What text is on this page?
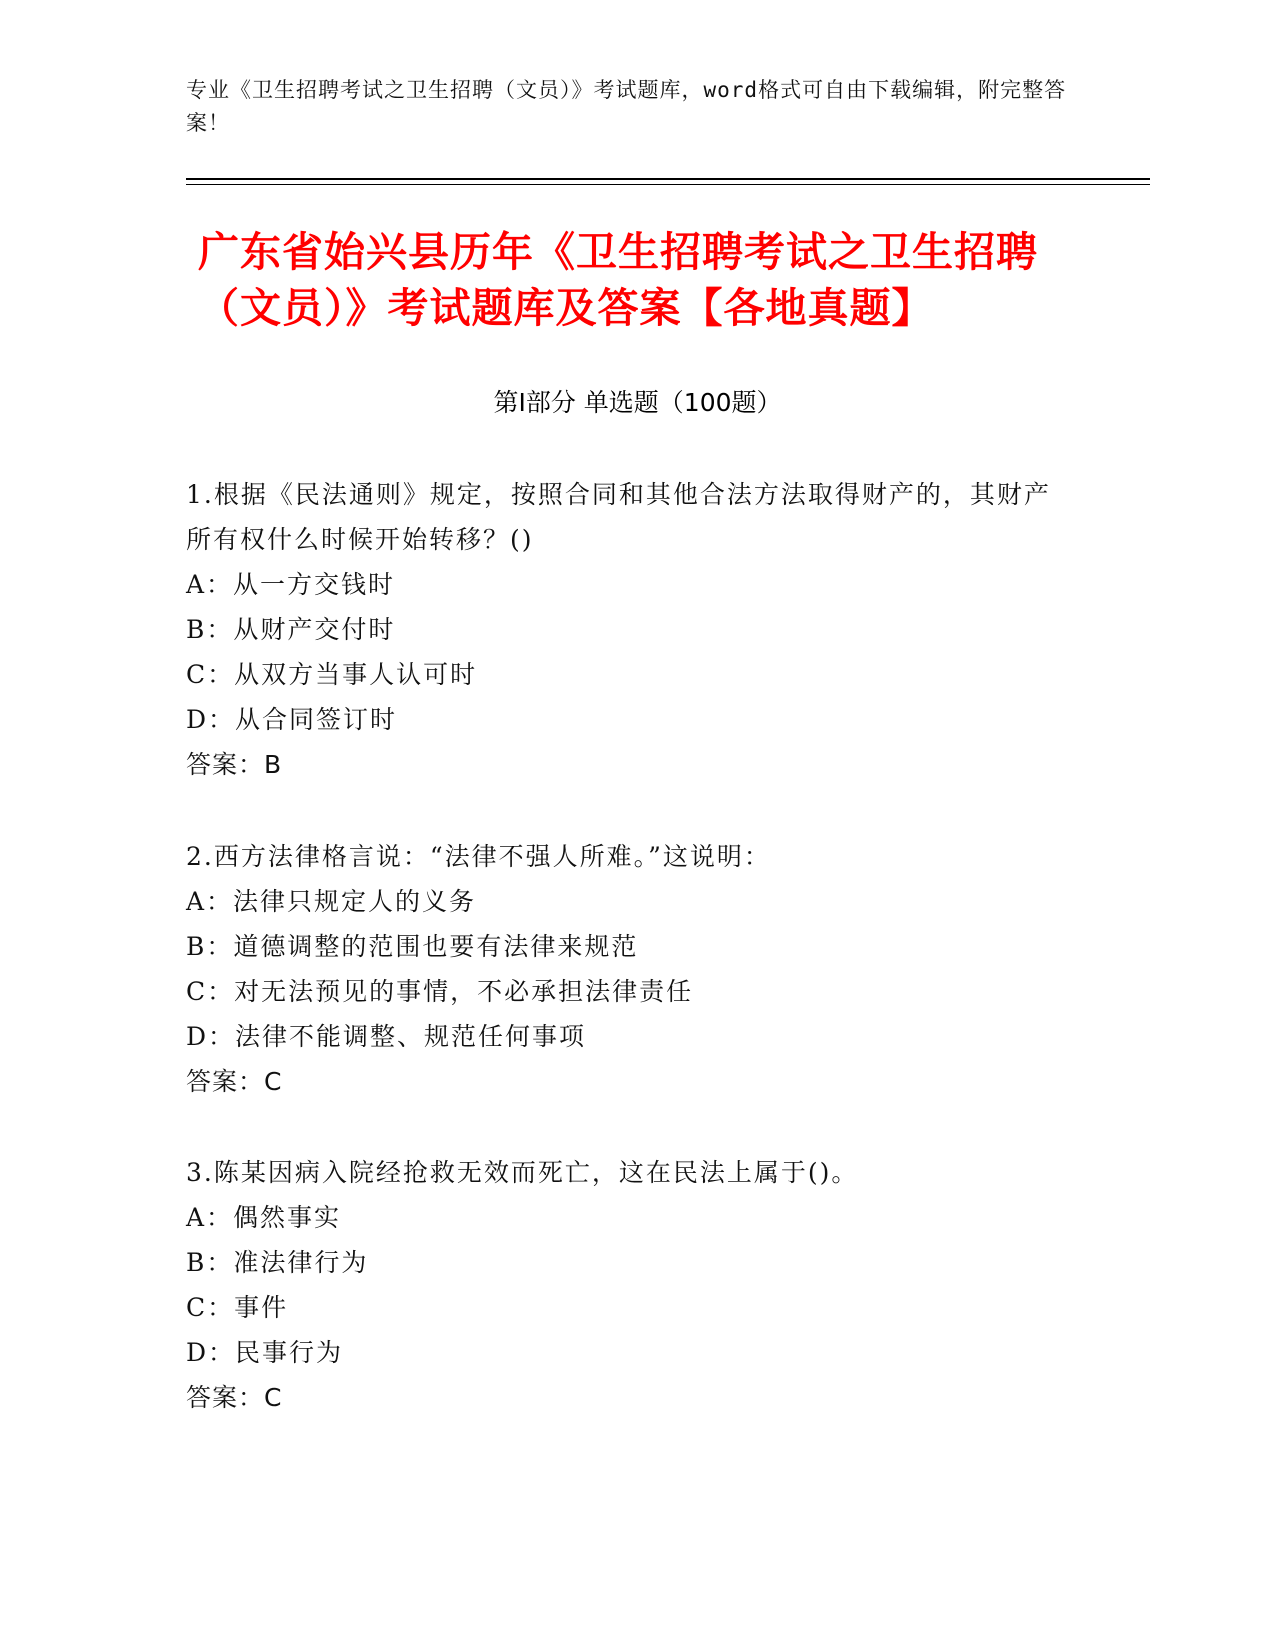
专业《卫生招聘考试之卫生招聘（文员）》考试题库，word格式可自由下载编辑，附完整答案！
广东省始兴县历年《卫生招聘考试之卫生招聘（文员）》考试题库及答案【各地真题】
第Ⅰ部分 单选题（100题）
1.根据《民法通则》规定，按照合同和其他合法方法取得财产的，其财产所有权什么时候开始转移？()
A：从一方交钱时
B：从财产交付时
C：从双方当事人认可时
D：从合同签订时
答案：B
2.西方法律格言说：“法律不强人所难。”这说明：
A：法律只规定人的义务
B：道德调整的范围也要有法律来规范
C：对无法预见的事情，不必承担法律责任
D：法律不能调整、规范任何事项
答案：C
3.陈某因病入院经抢救无效而死亡，这在民法上属于()。
A：偶然事实
B：准法律行为
C：事件
D：民事行为
答案：C
